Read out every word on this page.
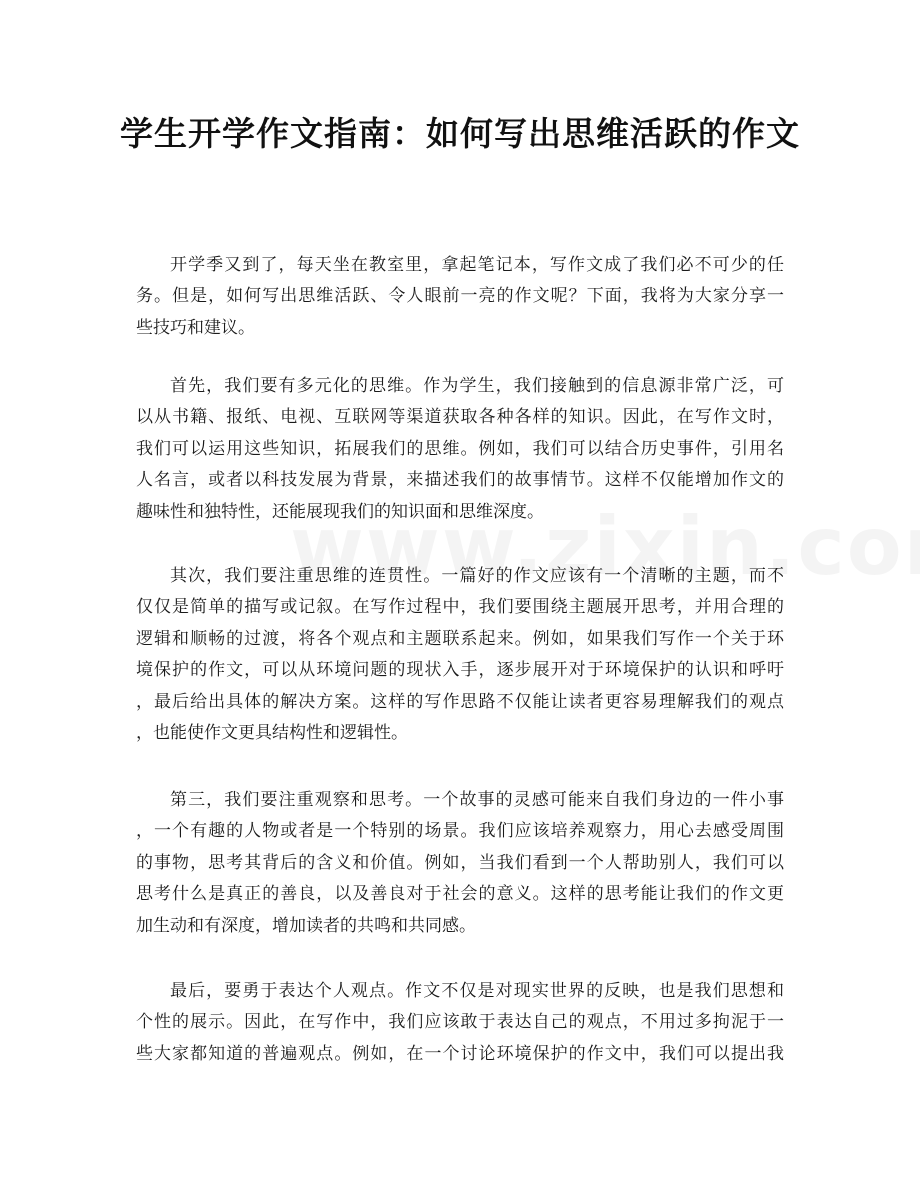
学生开学作文指南：如何写出思维活跃的作文
开学季又到了，每天坐在教室里，拿起笔记本，写作文成了我们必不可少的任
务。但是，如何写出思维活跃、令人眼前一亮的作文呢？下面，我将为大家分享一
些技巧和建议。
首先，我们要有多元化的思维。作为学生，我们接触到的信息源非常广泛，可
以从书籍、报纸、电视、互联网等渠道获取各种各样的知识。因此，在写作文时，
我们可以运用这些知识，拓展我们的思维。例如，我们可以结合历史事件，引用名
人名言，或者以科技发展为背景，来描述我们的故事情节。这样不仅能增加作文的
趣味性和独特性，还能展现我们的知识面和思维深度。
其次，我们要注重思维的连贯性。一篇好的作文应该有一个清晰的主题，而不
仅仅是简单的描写或记叙。在写作过程中，我们要围绕主题展开思考，并用合理的
逻辑和顺畅的过渡，将各个观点和主题联系起来。例如，如果我们写作一个关于环
境保护的作文，可以从环境问题的现状入手，逐步展开对于环境保护的认识和呼吁
，最后给出具体的解决方案。这样的写作思路不仅能让读者更容易理解我们的观点
，也能使作文更具结构性和逻辑性。
第三，我们要注重观察和思考。一个故事的灵感可能来自我们身边的一件小事
，一个有趣的人物或者是一个特别的场景。我们应该培养观察力，用心去感受周围
的事物，思考其背后的含义和价值。例如，当我们看到一个人帮助别人，我们可以
思考什么是真正的善良，以及善良对于社会的意义。这样的思考能让我们的作文更
加生动和有深度，增加读者的共鸣和共同感。
最后，要勇于表达个人观点。作文不仅是对现实世界的反映，也是我们思想和
个性的展示。因此，在写作中，我们应该敢于表达自己的观点，不用过多拘泥于一
些大家都知道的普遍观点。例如，在一个讨论环境保护的作文中，我们可以提出我
